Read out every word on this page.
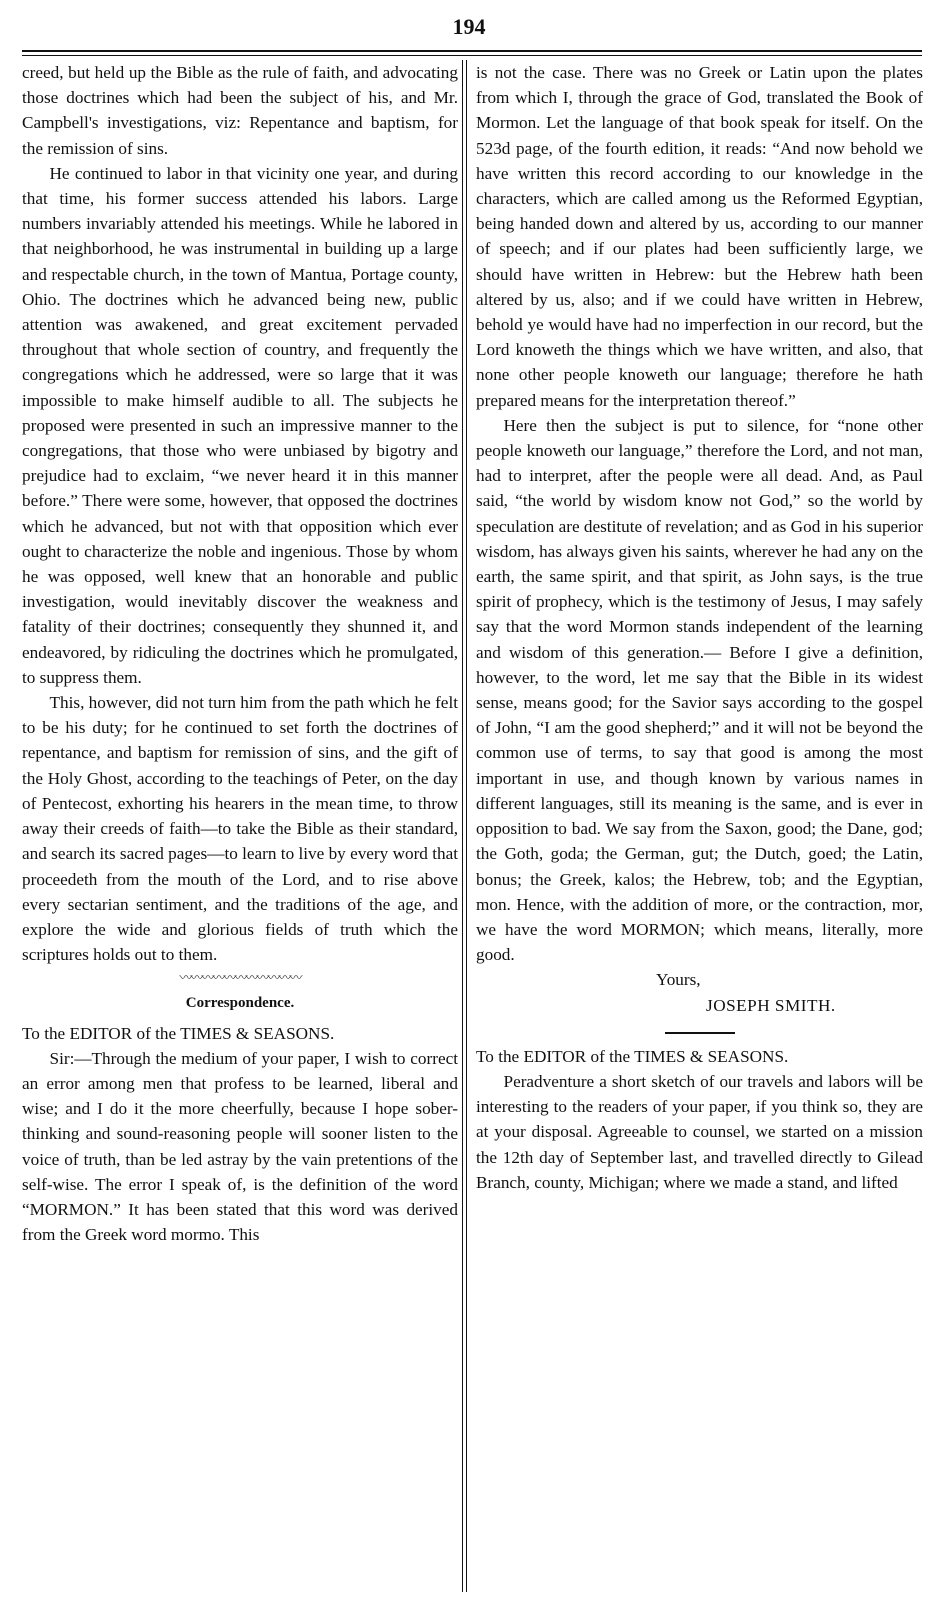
194

creed, but held up the Bible as the rule of faith, and advocating those doctrines which had been the subject of his, and Mr. Campbell's investigations, viz: Repentance and baptism, for the remission of sins.

He continued to labor in that vicinity one year, and during that time, his former success attended his labors. Large numbers invariably attended his meetings. While he labored in that neighborhood, he was instrumental in building up a large and respectable church, in the town of Mantua, Portage county, Ohio. The doctrines which he advanced being new, public attention was awakened, and great excitement pervaded throughout that whole section of country, and frequently the congregations which he addressed, were so large that it was impossible to make himself audible to all. The subjects he proposed were presented in such an impressive manner to the congregations, that those who were unbiased by bigotry and prejudice had to exclaim, “we never heard it in this manner before.” There were some, however, that opposed the doctrines which he advanced, but not with that opposition which ever ought to characterize the noble and ingenious. Those by whom he was opposed, well knew that an honorable and public investigation, would inevitably discover the weakness and fatality of their doctrines; consequently they shunned it, and endeavored, by ridiculing the doctrines which he promulgated, to suppress them.

This, however, did not turn him from the path which he felt to be his duty; for he continued to set forth the doctrines of repentance, and baptism for remission of sins, and the gift of the Holy Ghost, according to the teachings of Peter, on the day of Pentecost, exhorting his hearers in the mean time, to throw away their creeds of faith—to take the Bible as their standard, and search its sacred pages—to learn to live by every word that proceedeth from the mouth of the Lord, and to rise above every sectarian sentiment, and the traditions of the age, and explore the wide and glorious fields of truth which the scriptures holds out to them.

〰〰〰〰〰〰〰〰〰〰〰
Correspondence.

To the EDITOR of the TIMES & SEASONS.

Sir:—Through the medium of your paper, I wish to correct an error among men that profess to be learned, liberal and wise; and I do it the more cheerfully, because I hope sober-thinking and sound-reasoning people will sooner listen to the voice of truth, than be led astray by the vain pretentions of the self-wise. The error I speak of, is the definition of the word “MORMON.” It has been stated that this word was derived from the Greek word mormo. This

is not the case. There was no Greek or Latin upon the plates from which I, through the grace of God, translated the Book of Mormon. Let the language of that book speak for itself. On the 523d page, of the fourth edition, it reads: “And now behold we have written this record according to our knowledge in the characters, which are called among us the Reformed Egyptian, being handed down and altered by us, according to our manner of speech; and if our plates had been sufficiently large, we should have written in Hebrew: but the Hebrew hath been altered by us, also; and if we could have written in Hebrew, behold ye would have had no imperfection in our record, but the Lord knoweth the things which we have written, and also, that none other people knoweth our language; therefore he hath prepared means for the interpretation thereof.”

Here then the subject is put to silence, for “none other people knoweth our language,” therefore the Lord, and not man, had to interpret, after the people were all dead. And, as Paul said, “the world by wisdom know not God,” so the world by speculation are destitute of revelation; and as God in his superior wisdom, has always given his saints, wherever he had any on the earth, the same spirit, and that spirit, as John says, is the true spirit of prophecy, which is the testimony of Jesus, I may safely say that the word Mormon stands independent of the learning and wisdom of this generation.— Before I give a definition, however, to the word, let me say that the Bible in its widest sense, means good; for the Savior says according to the gospel of John, “I am the good shepherd;” and it will not be beyond the common use of terms, to say that good is among the most important in use, and though known by various names in different languages, still its meaning is the same, and is ever in opposition to bad. We say from the Saxon, good; the Dane, god; the Goth, goda; the German, gut; the Dutch, goed; the Latin, bonus; the Greek, kalos; the Hebrew, tob; and the Egyptian, mon. Hence, with the addition of more, or the contraction, mor, we have the word MORMON; which means, literally, more good.

Yours,

JOSEPH SMITH.

To the EDITOR of the TIMES & SEASONS.

Peradventure a short sketch of our travels and labors will be interesting to the readers of your paper, if you think so, they are at your disposal. Agreeable to counsel, we started on a mission the 12th day of September last, and travelled directly to Gilead Branch, county, Michigan; where we made a stand, and lifted
